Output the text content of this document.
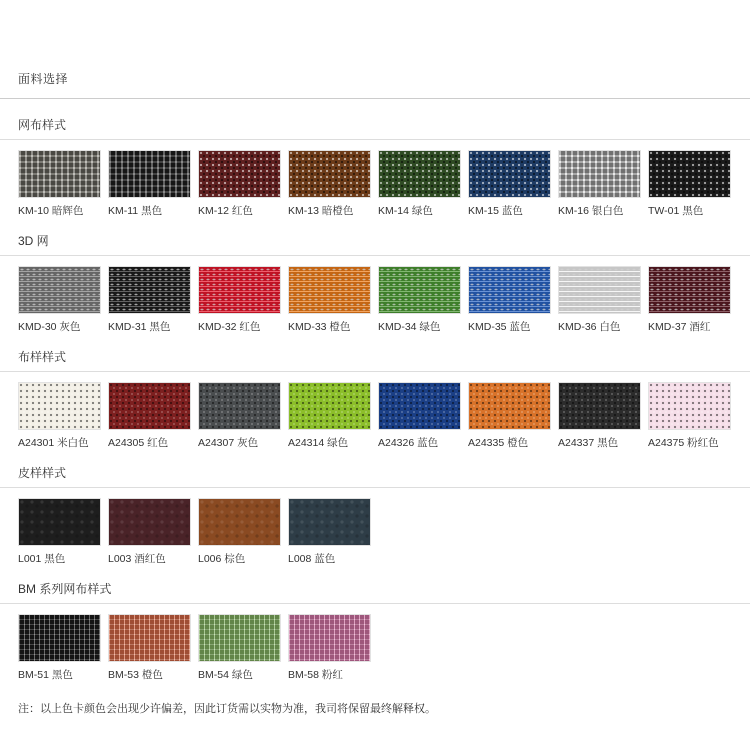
面料选择
网布样式
KM-10 暗辉色	KM-11 黑色	KM-12 红色	KM-13 暗橙色	KM-14 绿色	KM-15 蓝色	KM-16 银白色	TW-01 黑色
3D 网
KMD-30 灰色	KMD-31 黑色	KMD-32 红色	KMD-33 橙色	KMD-34 绿色	KMD-35 蓝色	KMD-36 白色	KMD-37 酒红
布样样式
A24301 米白色	A24305 红色	A24307 灰色	A24314 绿色	A24326 蓝色	A24335 橙色	A24337 黑色	A24375 粉红色
皮样样式
L001 黑色	L003 酒红色	L006 棕色	L008 蓝色
BM 系列网布样式
BM-51 黑色	BM-53 橙色	BM-54 绿色	BM-58 粉红
注：以上色卡颜色会出现少许偏差，因此订货需以实物为准，我司将保留最终解释权。
